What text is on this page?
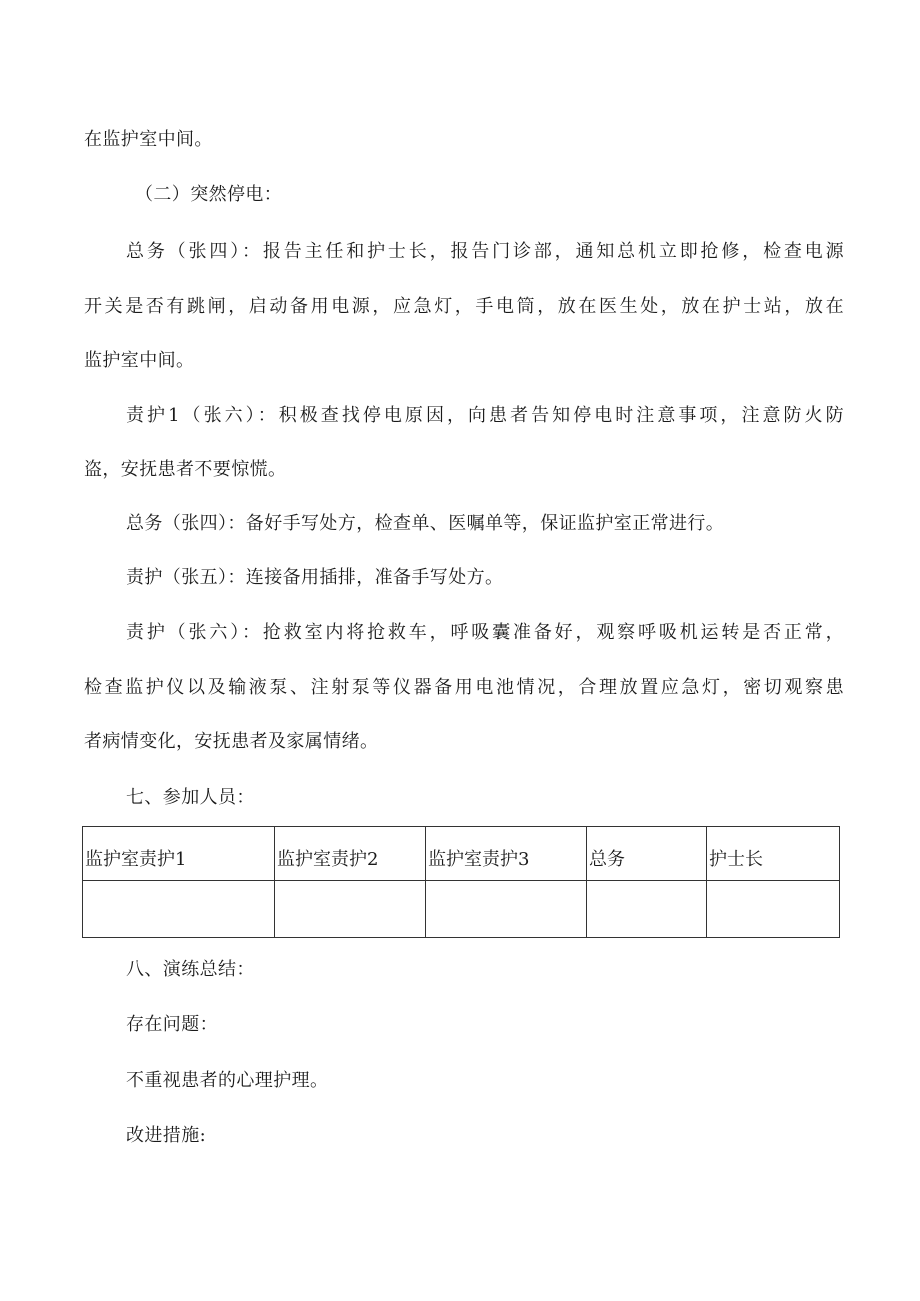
在监护室中间。
（二）突然停电：
总务（张四）：报告主任和护士长，报告门诊部，通知总机立即抢修，检查电源
开关是否有跳闸，启动备用电源，应急灯，手电筒，放在医生处，放在护士站，放在
监护室中间。
责护1（张六）：积极查找停电原因，向患者告知停电时注意事项，注意防火防
盗，安抚患者不要惊慌。
总务（张四）：备好手写处方，检查单、医嘱单等，保证监护室正常进行。
责护（张五）：连接备用插排，准备手写处方。
责护（张六）：抢救室内将抢救车，呼吸囊准备好，观察呼吸机运转是否正常，
检查监护仪以及输液泵、注射泵等仪器备用电池情况，合理放置应急灯，密切观察患
者病情变化，安抚患者及家属情绪。
七、参加人员：
监护室责护1	监护室责护2	监护室责护3	总务	护士长

八、演练总结：
存在问题：
不重视患者的心理护理。
改进措施:
